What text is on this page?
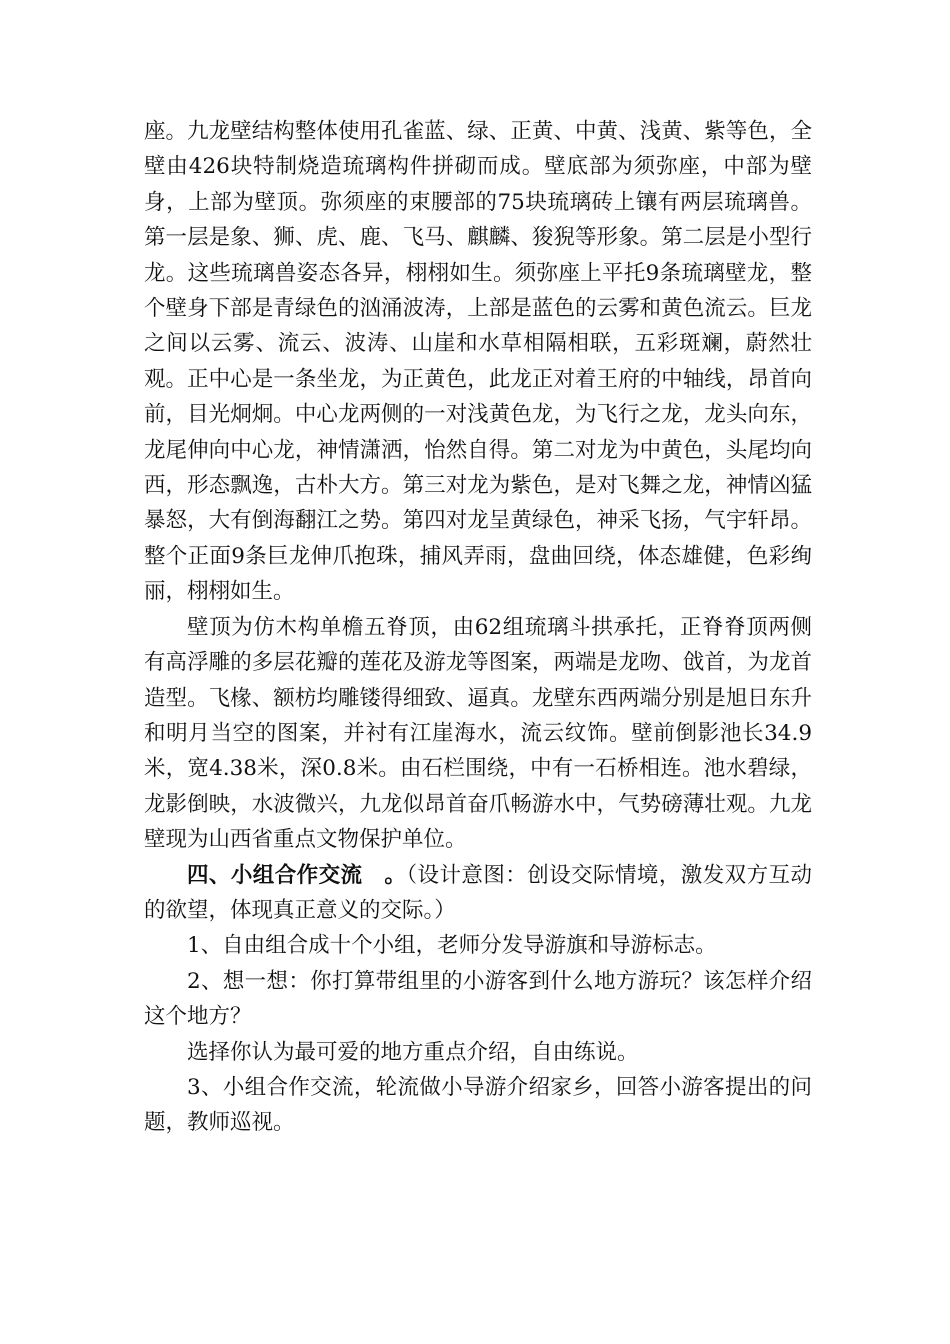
座。九龙壁结构整体使用孔雀蓝、绿、正黄、中黄、浅黄、紫等色，全壁由426块特制烧造琉璃构件拼砌而成。壁底部为须弥座，中部为壁身，上部为壁顶。弥须座的束腰部的75块琉璃砖上镶有两层琉璃兽。第一层是象、狮、虎、鹿、飞马、麒麟、狻猊等形象。第二层是小型行龙。这些琉璃兽姿态各异，栩栩如生。须弥座上平托9条琉璃壁龙，整个壁身下部是青绿色的汹涌波涛，上部是蓝色的云雾和黄色流云。巨龙之间以云雾、流云、波涛、山崖和水草相隔相联，五彩斑斓，蔚然壮观。正中心是一条坐龙，为正黄色，此龙正对着王府的中轴线，昂首向前，目光炯炯。中心龙两侧的一对浅黄色龙，为飞行之龙，龙头向东，龙尾伸向中心龙，神情潇洒，怡然自得。第二对龙为中黄色，头尾均向西，形态飘逸，古朴大方。第三对龙为紫色，是对飞舞之龙，神情凶猛暴怒，大有倒海翻江之势。第四对龙呈黄绿色，神采飞扬，气宇轩昂。整个正面9条巨龙伸爪抱珠，捕风弄雨，盘曲回绕，体态雄健，色彩绚丽，栩栩如生。

壁顶为仿木构单檐五脊顶，由62组琉璃斗拱承托，正脊脊顶两侧有高浮雕的多层花瓣的莲花及游龙等图案，两端是龙吻、戗首，为龙首造型。飞椽、额枋均雕镂得细致、逼真。龙壁东西两端分别是旭日东升和明月当空的图案，并衬有江崖海水，流云纹饰。壁前倒影池长34.9米，宽4.38米，深0.8米。由石栏围绕，中有一石桥相连。池水碧绿，龙影倒映，水波微兴，九龙似昂首奋爪畅游水中，气势磅薄壮观。九龙壁现为山西省重点文物保护单位。

四、小组合作交流　。（设计意图：创设交际情境，激发双方互动的欲望，体现真正意义的交际。）

1、自由组合成十个小组，老师分发导游旗和导游标志。

2、想一想：你打算带组里的小游客到什么地方游玩？该怎样介绍这个地方？

选择你认为最可爱的地方重点介绍，自由练说。

3、小组合作交流，轮流做小导游介绍家乡，回答小游客提出的问题，教师巡视。
